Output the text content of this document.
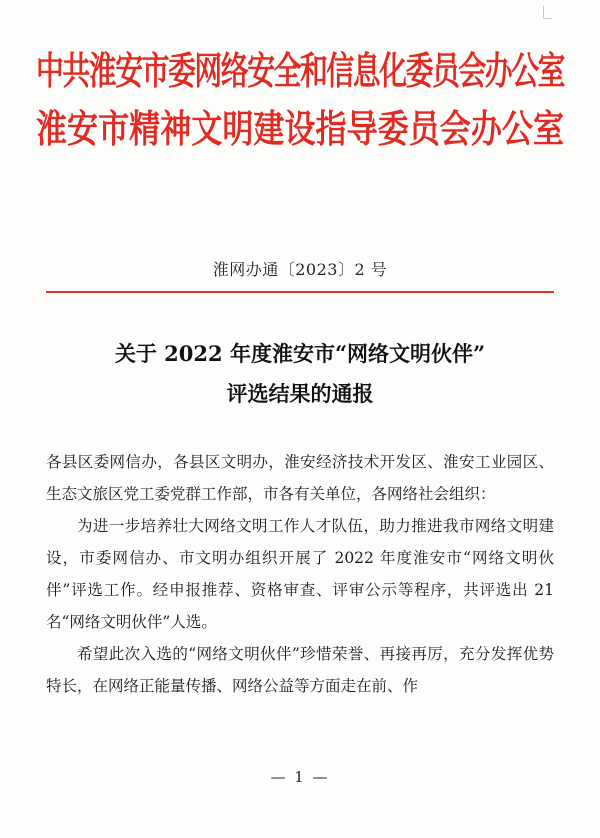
中共淮安市委网络安全和信息化委员会办公室
淮安市精神文明建设指导委员会办公室
淮网办通〔2023〕2 号
关于 2022 年度淮安市“网络文明伙伴”
评选结果的通报

各县区委网信办，各县区文明办，淮安经济技术开发区、淮安工业园区、生态文旅区党工委党群工作部，市各有关单位，各网络社会组织：

为进一步培养壮大网络文明工作人才队伍，助力推进我市网络文明建设，市委网信办、市文明办组织开展了 2022 年度淮安市“网络文明伙伴”评选工作。经申报推荐、资格审查、评审公示等程序，共评选出 21 名“网络文明伙伴”人选。

希望此次入选的“网络文明伙伴”珍惜荣誉、再接再厉，充分发挥优势特长，在网络正能量传播、网络公益等方面走在前、作

— 1 —
